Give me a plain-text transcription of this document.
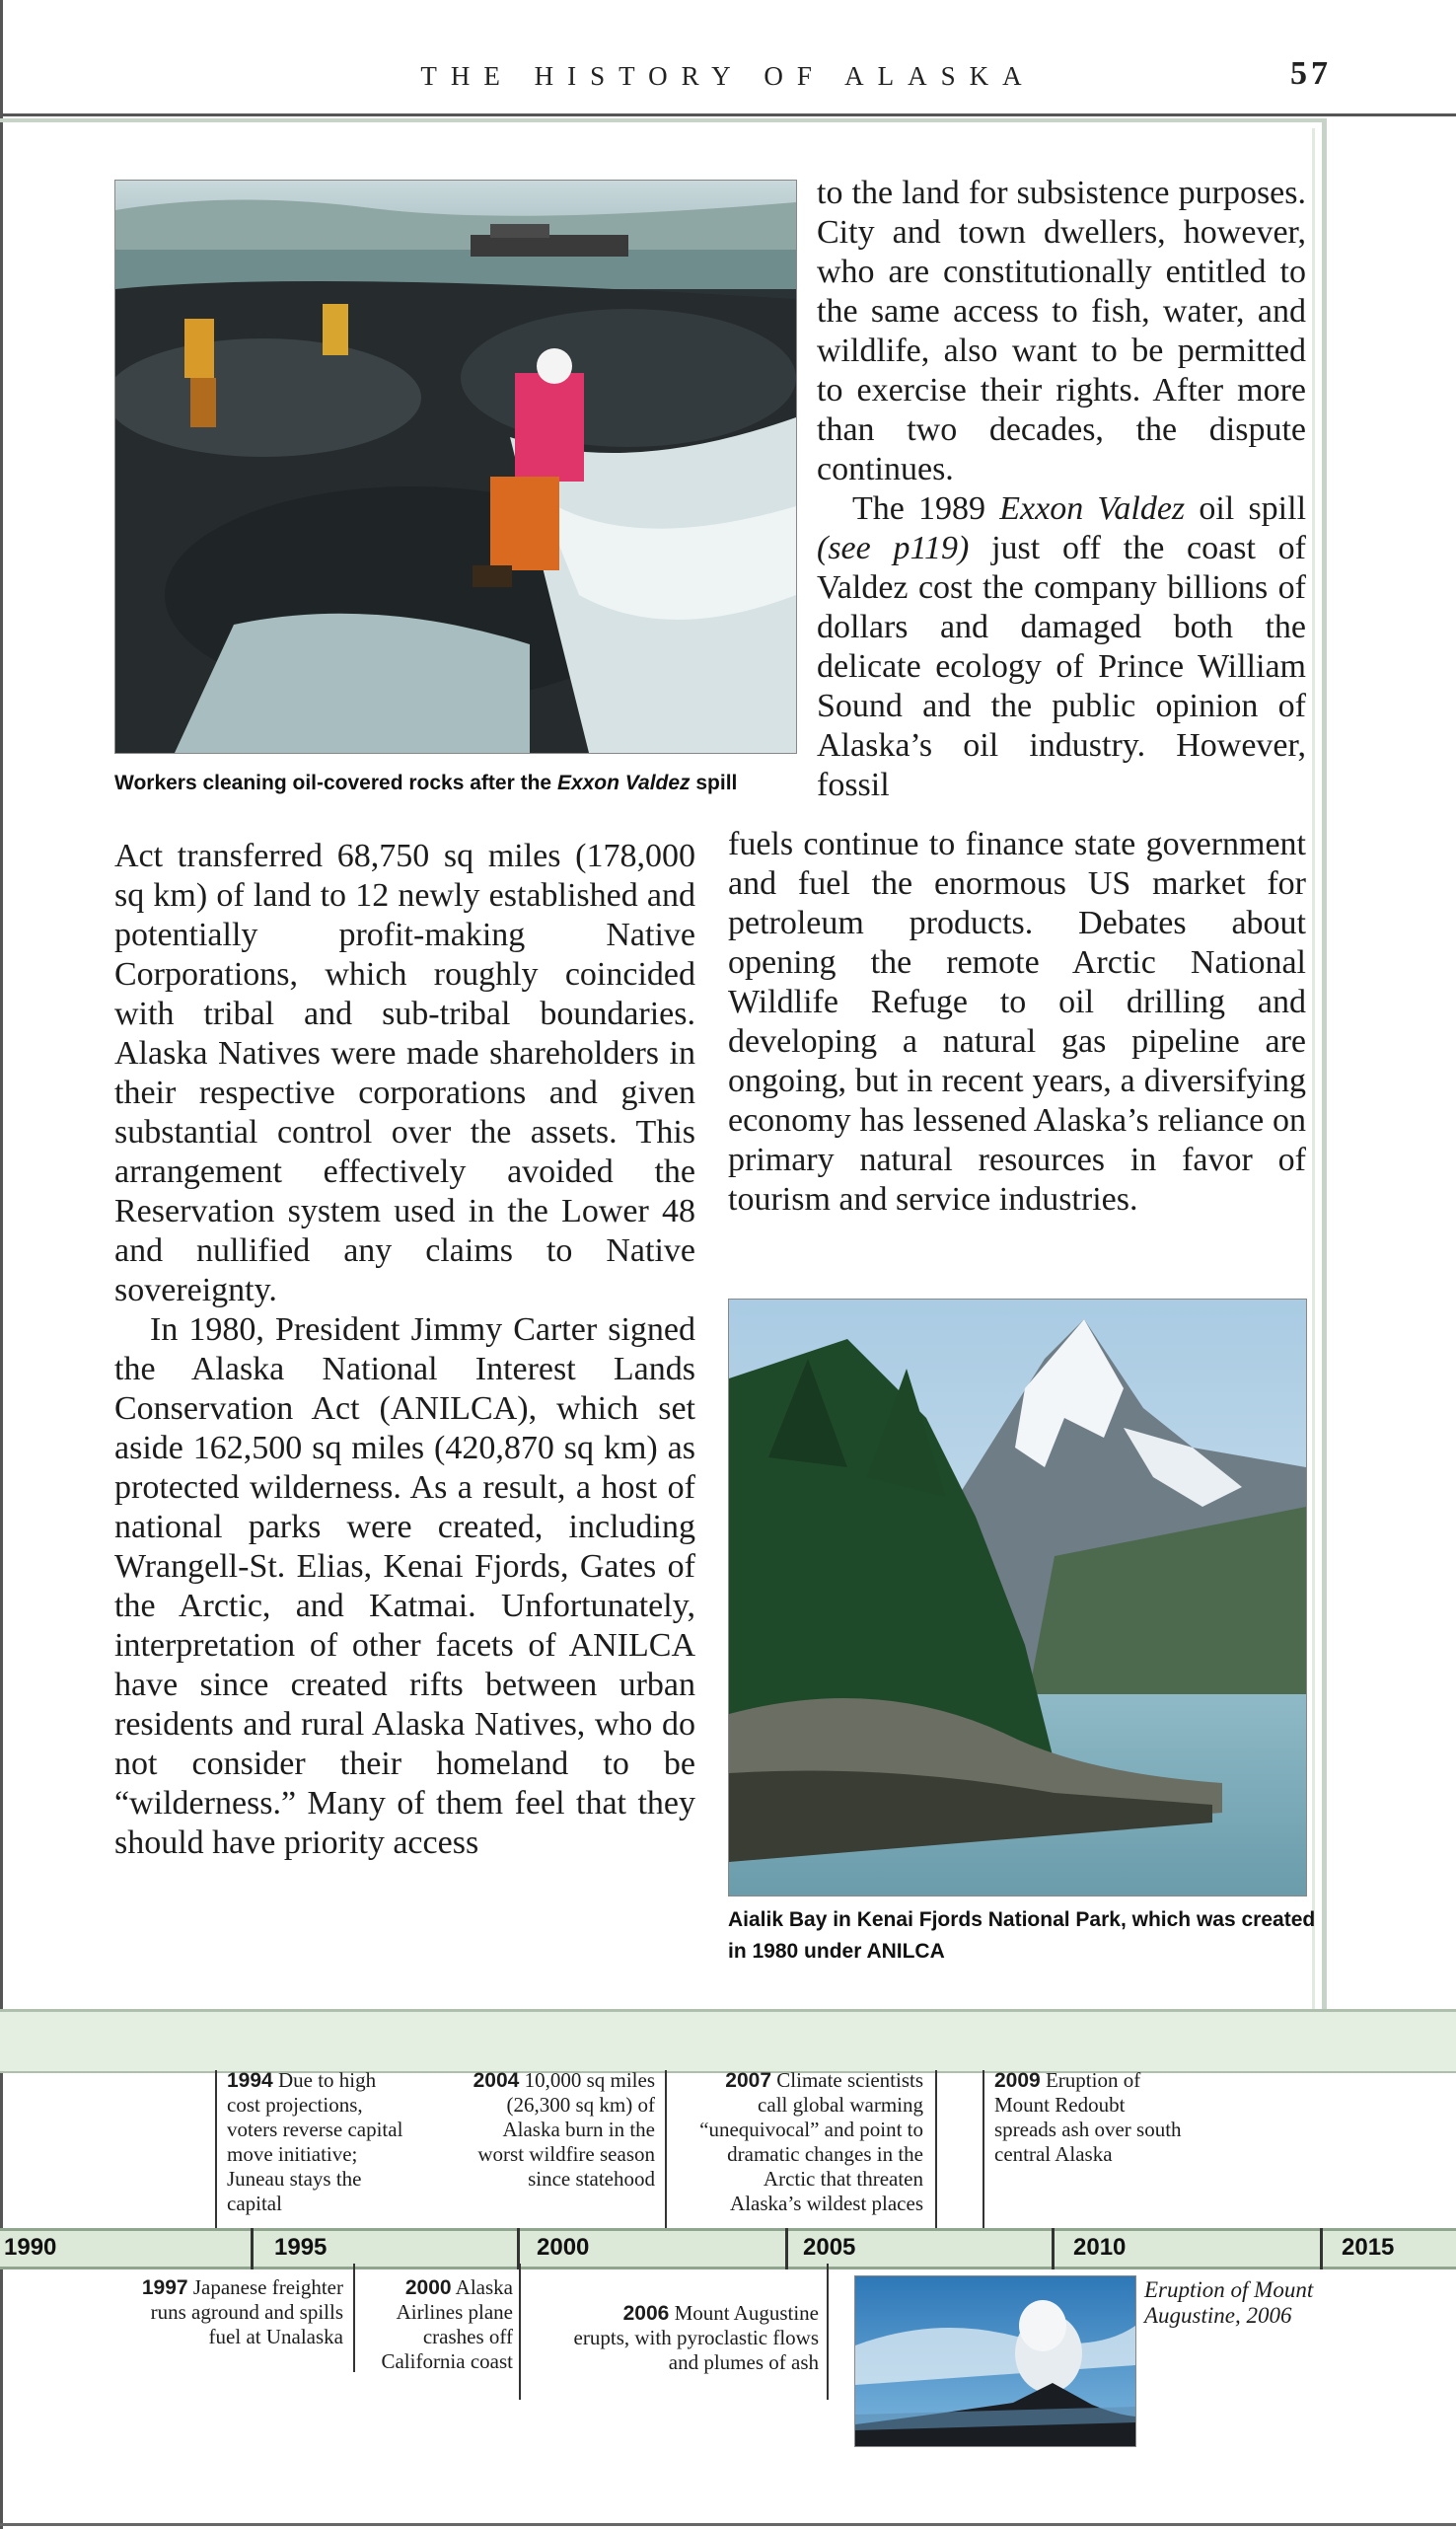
THE HISTORY OF ALASKA	57
Workers cleaning oil-covered rocks after the Exxon Valdez spill

to the land for subsistence purposes. City and town dwellers, however, who are constitutionally entitled to the same access to fish, water, and wildlife, also want to be permitted to exercise their rights. After more than two decades, the dispute continues.

The 1989 Exxon Valdez oil spill (see p119) just off the coast of Valdez cost the company billions of dollars and damaged both the delicate ecology of Prince William Sound and the public opinion of Alaska’s oil industry. However, fossil

fuels continue to finance state government and fuel the enormous US market for petroleum products. Debates about opening the remote Arctic National Wildlife Refuge to oil drilling and developing a natural gas pipeline are ongoing, but in recent years, a diversifying economy has lessened Alaska’s reliance on primary natural resources in favor of tourism and service industries.

Act transferred 68,750 sq miles (178,000 sq km) of land to 12 newly established and potentially profit-making Native Corporations, which roughly coincided with tribal and sub-tribal boundaries. Alaska Natives were made shareholders in their respective corporations and given substantial control over the assets. This arrangement effectively avoided the Reservation system used in the Lower 48 and nullified any claims to Native sovereignty.

In 1980, President Jimmy Carter signed the Alaska National Interest Lands Conservation Act (ANILCA), which set aside 162,500 sq miles (420,870 sq km) as protected wilderness. As a result, a host of national parks were created, including Wrangell-St. Elias, Kenai Fjords, Gates of the Arctic, and Katmai. Unfortunately, interpretation of other facets of ANILCA have since created rifts between urban residents and rural Alaska Natives, who do not consider their homeland to be “wilderness.” Many of them feel that they should have priority access

Aialik Bay in Kenai Fjords National Park, which was created in 1980 under ANILCA
1994 Due to high cost projections, voters reverse capital move initiative; Juneau stays the capital
2004 10,000 sq miles (26,300 sq km) of Alaska burn in the worst wildfire season since statehood
2007 Climate scientists call global warming “unequivocal” and point to dramatic changes in the Arctic that threaten Alaska’s wildest places
2009 Eruption of Mount Redoubt spreads ash over south central Alaska
1990	1995	2000	2005	2010	2015
1997 Japanese freighter runs aground and spills fuel at Unalaska
2000 Alaska Airlines plane crashes off California coast
2006 Mount Augustine erupts, with pyroclastic flows and plumes of ash
Eruption of Mount Augustine, 2006
